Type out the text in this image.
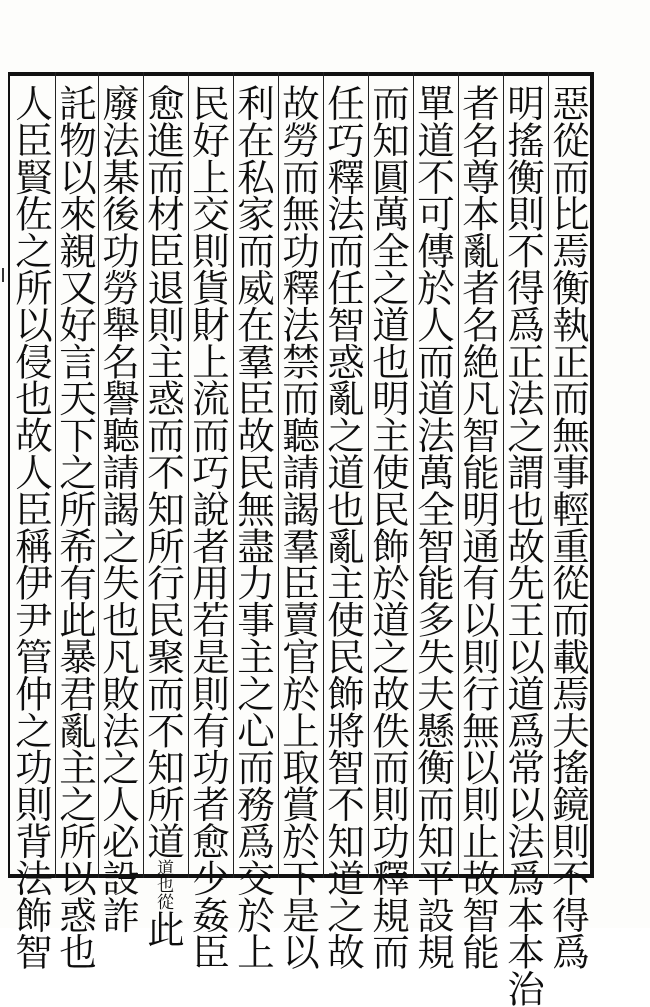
惡從而比焉衡執正而無事輕重從而載焉夫搖鏡則不得爲
明搖衡則不得爲正法之謂也故先王以道爲常以法爲本本治
者名尊本亂者名絶凡智能明通有以則行無以則止故智能
單道不可傳於人而道法萬全智能多失夫懸衡而知平設規
而知圓萬全之道也明主使民飾於道之故佚而則功釋規而
任巧釋法而任智惑亂之道也亂主使民飾將智不知道之故
故勞而無功釋法禁而聽請謁羣臣賣官於上取賞於下是以
利在私家而威在羣臣故民無盡力事主之心而務爲交於上
民好上交則貨財上流而巧說者用若是則有功者愈少姦臣
愈進而材臣退則主惑而不知所行民聚而不知所道道也從此
廢法棊後功勞舉名譽聽請謁之失也凡敗法之人必設詐
託物以來親又好言天下之所希有此暴君亂主之所以惑也
人臣賢佐之所以侵也故人臣稱伊尹管仲之功則背法飾智
